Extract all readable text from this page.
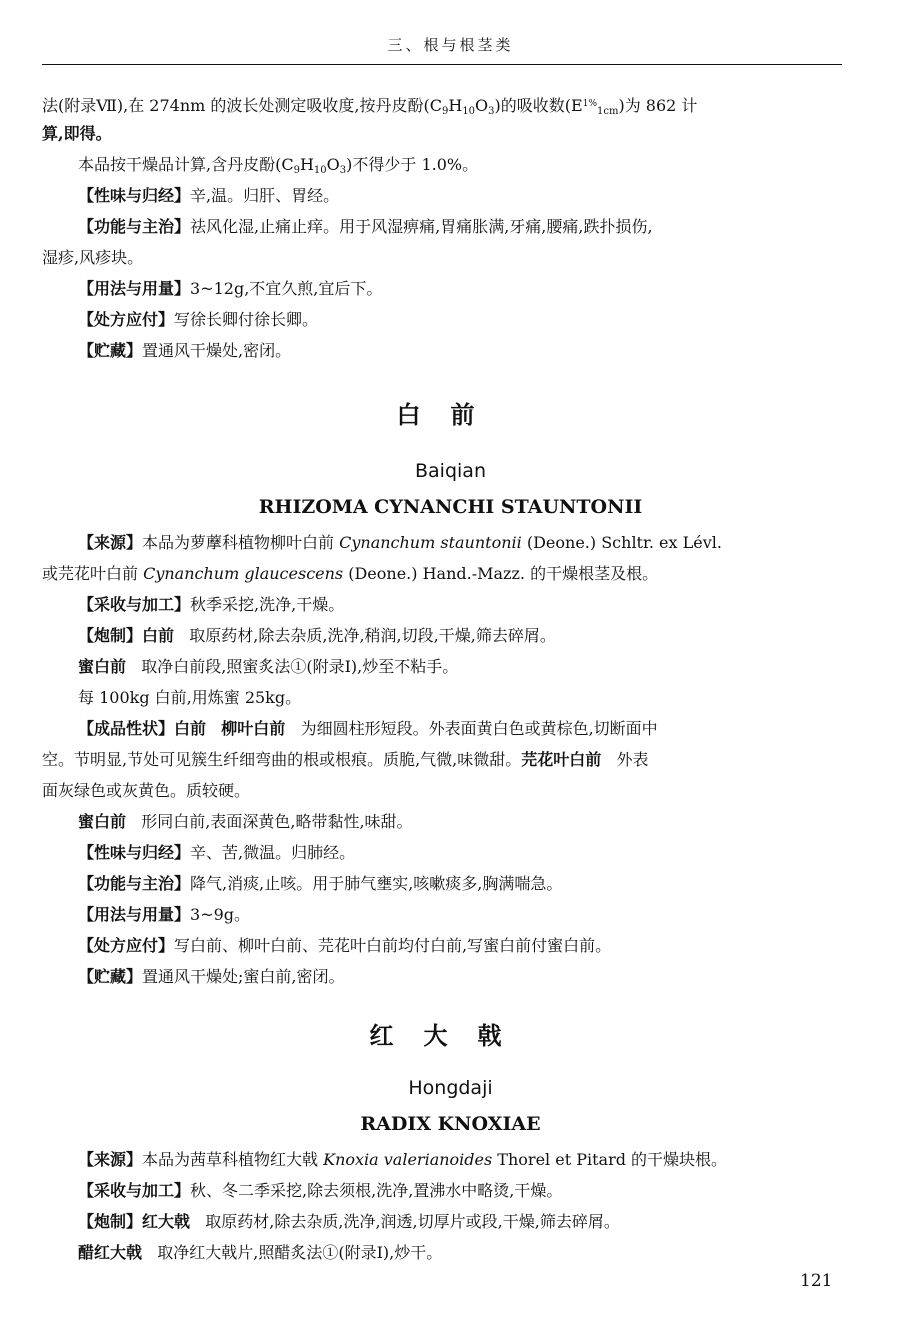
三、根与根茎类
法(附录Ⅶ),在 274nm 的波长处测定吸收度,按丹皮酚$(C_9H_{10}O_3)$的吸收数$(E^{1\%}_{1cm})$为 862 计
算,即得。
本品按干燥品计算,含丹皮酚$(C_9H_{10}O_3)$不得少于 1.0%。
【性味与归经】辛,温。归肝、胃经。
【功能与主治】祛风化湿,止痛止痒。用于风湿痹痛,胃痛胀满,牙痛,腰痛,跌扑损伤,
湿疹,风疹块。
【用法与用量】3~12g,不宜久煎,宜后下。
【处方应付】写徐长卿付徐长卿。
【贮藏】置通风干燥处,密闭。
白前
Baiqian
RHIZOMA CYNANCHI STAUNTONII
【来源】本品为萝藦科植物柳叶白前 Cynanchum stauntonii (Deone.) Schltr. ex Lévl.
或芫花叶白前 Cynanchum glaucescens (Deone.) Hand.-Mazz. 的干燥根茎及根。
【采收与加工】秋季采挖,洗净,干燥。
【炮制】白前 取原药材,除去杂质,洗净,稍润,切段,干燥,筛去碎屑。
蜜白前 取净白前段,照蜜炙法①(附录Ⅰ),炒至不粘手。
每 100kg 白前,用炼蜜 25kg。
【成品性状】白前 柳叶白前 为细圆柱形短段。外表面黄白色或黄棕色,切断面中
空。节明显,节处可见簇生纤细弯曲的根或根痕。质脆,气微,味微甜。芫花叶白前 外表
面灰绿色或灰黄色。质较硬。
蜜白前 形同白前,表面深黄色,略带黏性,味甜。
【性味与归经】辛、苦,微温。归肺经。
【功能与主治】降气,消痰,止咳。用于肺气壅实,咳嗽痰多,胸满喘急。
【用法与用量】3~9g。
【处方应付】写白前、柳叶白前、芫花叶白前均付白前,写蜜白前付蜜白前。
【贮藏】置通风干燥处;蜜白前,密闭。
红大戟
Hongdaji
RADIX KNOXIAE
【来源】本品为茜草科植物红大戟 Knoxia valerianoides Thorel et Pitard 的干燥块根。
【采收与加工】秋、冬二季采挖,除去须根,洗净,置沸水中略烫,干燥。
【炮制】红大戟 取原药材,除去杂质,洗净,润透,切厚片或段,干燥,筛去碎屑。
醋红大戟 取净红大戟片,照醋炙法①(附录Ⅰ),炒干。
121
